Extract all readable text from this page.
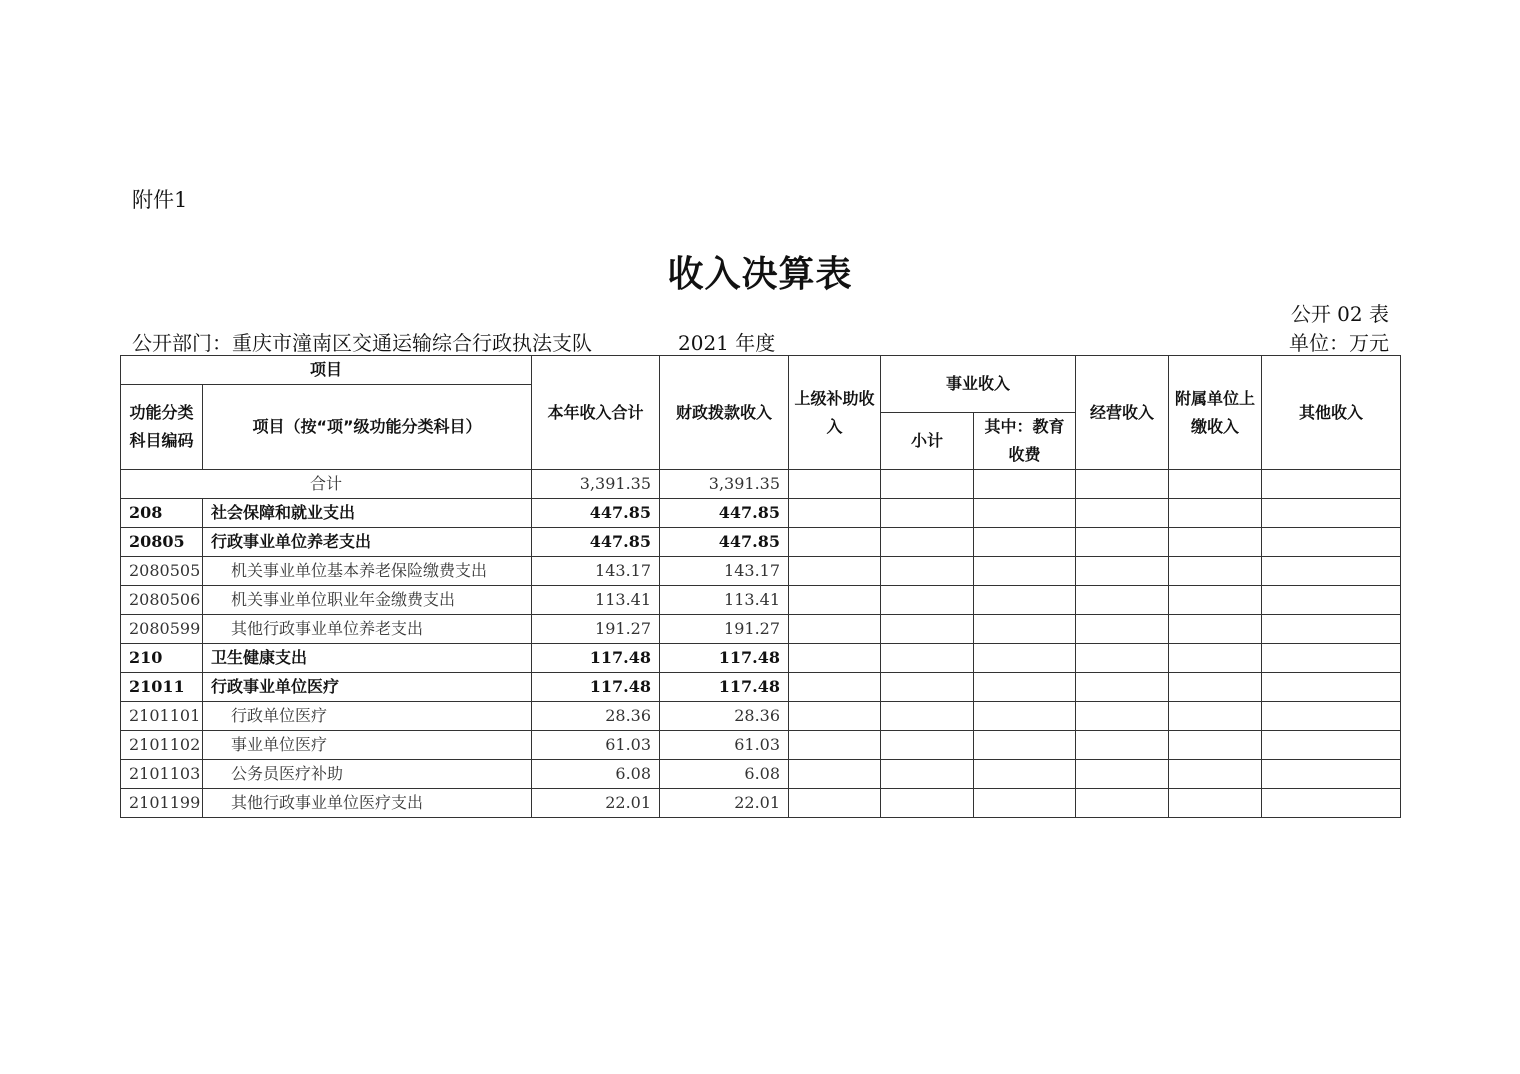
附件1
收入决算表
公开 02 表
公开部门：重庆市潼南区交通运输综合行政执法支队	2021 年度	单位：万元
项目		本年收入合计	财政拨款收入	上级补助收入	事业收入		经营收入	附属单位上缴收入	其他收入
功能分类科目编码	项目（按“项”级功能分类科目）								
					小计	其中：教育收费			
合计		3,391.35	3,391.35						
208	社会保障和就业支出	447.85	447.85						
20805	行政事业单位养老支出	447.85	447.85						
2080505	机关事业单位基本养老保险缴费支出	143.17	143.17						
2080506	机关事业单位职业年金缴费支出	113.41	113.41						
2080599	其他行政事业单位养老支出	191.27	191.27						
210	卫生健康支出	117.48	117.48						
21011	行政事业单位医疗	117.48	117.48						
2101101	行政单位医疗	28.36	28.36						
2101102	事业单位医疗	61.03	61.03						
2101103	公务员医疗补助	6.08	6.08						
2101199	其他行政事业单位医疗支出	22.01	22.01						
